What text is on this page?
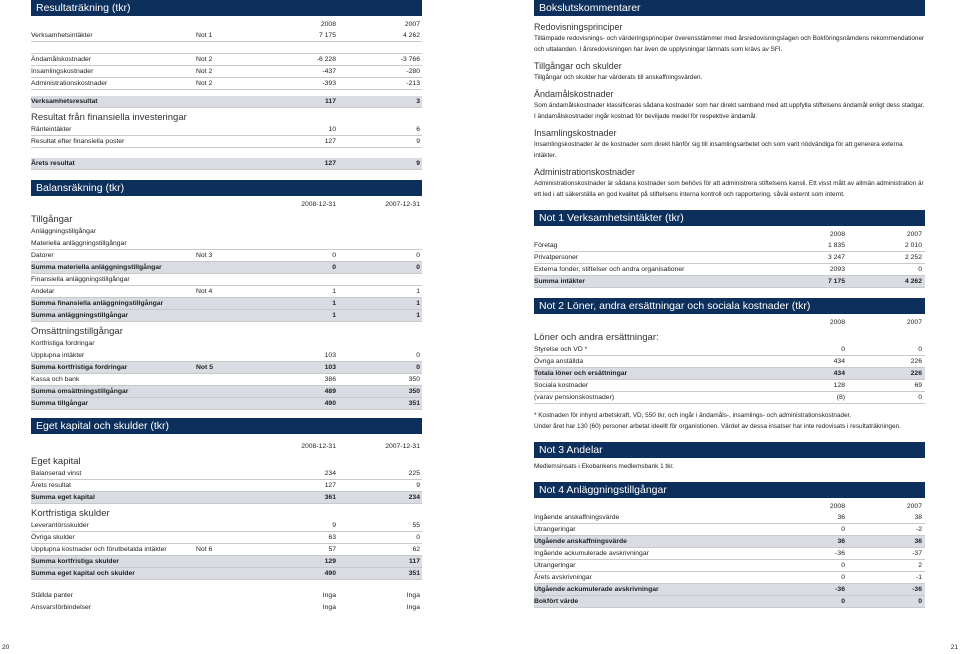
Resultaträkning (tkr)
2008	2007
Verksamhetsintäkter	Not 1	7 175	4 262
Ändamålskostnader	Not 2	-6 228	-3 766
Insamlingskostnader	Not 2	-437	-280
Administrationskostnader	Not 2	-393	-213
Verksamhetsresultat	117	3
Resultat från finansiella investeringar
Ränteintäkter	10	6
Resultat efter finansiella poster	127	9
Årets resultat	127	9
Balansräkning (tkr)
2008-12-31	2007-12-31
Tillgångar
Anläggningstillgångar
Materiella anläggningstillgångar
Datorer	Not 3	0	0
Summa materiella anläggningstillgångar	0	0
Finansiella anläggningstillgångar
Andelar	Not 4	1	1
Summa finansiella anläggningstillgångar	1	1
Summa anläggningstillgångar	1	1
Omsättningstillgångar
Kortfristiga fordringar
Upplupna intäkter	103	0
Summa kortfristiga fordringar	Not 5	103	0
Kassa och bank	386	350
Summa omsättningstillgångar	489	350
Summa tillgångar	490	351
Eget kapital och skulder (tkr)
2008-12-31	2007-12-31
Eget kapital
Balanserad vinst	234	225
Årets resultat	127	9
Summa eget kapital	361	234
Kortfristiga skulder
Leverantörsskulder	9	55
Övriga skulder	63	0
Upplupna kostnader och förutbetalda intäkter	Not 6	57	62
Summa kortfristiga skulder	129	117
Summa eget kapital och skulder	490	351
Ställda panter	Inga	Inga
Ansvarsförbindelser	Inga	Inga
20
Bokslutskommentarer
Redovisningsprinciper
Tillämpade redovisnings- och värderingsprinciper överensstämmer med årsredovisningslagen och Bokföringsnämdens rekommendationer och uttalanden. I årsredovisningen har även de upplysningar lämnats som krävs av SFI.
Tillgångar och skulder
Tillgångar och skulder har värderats till anskaffningsvärden.
Ändamålskostnader
Som ändamålskostnader klassificeras sådana kostnader som har direkt samband med att uppfylla stiftelsens ändamål enligt dess stadgar. I ändamålskostnader ingår kostnad för beviljade medel för respektive ändamål.
Insamlingskostnader
Insamlingskostnader är de kostnader som direkt hänför sig till insamlingsarbetet och som varit nödvändiga för att generera externa intäkter.
Administrationskostnader
Administrationskostnader är sådana kostnader som behövs för att administrera stiftelsens kansli. Ett visst mått av allmän administration är ett led i att säkerställa en god kvalitet på stiftelsens interna kontroll och rapportering, såväl externt som internt.
Not 1 Verksamhetsintäkter (tkr)
2008	2007
Företag	1 835	2 010
Privatpersoner	3 247	2 252
Externa fonder, stiftelser och andra organisationer	2093	0
Summa intäkter	7 175	4 262
Not 2 Löner, andra ersättningar och sociala kostnader (tkr)
2008	2007
Löner och andra ersättningar:
Styrelse och VD *	0	0
Övriga anställda	434	226
Totala löner och ersättningar	434	226
Sociala kostnader	128	69
(varav pensionskostnader)	(8)	0
* Kostnaden för inhyrd arbetskraft, VD, 550 tkr, och ingår i ändamåls-, insamlings- och administrationskostnader.
Under året har 130 (60) personer arbetat ideellt för organistionen. Värdet av dessa insatser har inte redovisats i resultaträkningen.
Not 3 Andelar
Medlemsinsats i Ekobankens medlemsbank 1 tkr.
Not 4 Anläggningstillgångar
2008	2007
Ingående anskaffningsvärde	36	38
Utrangeringar	0	-2
Utgående anskaffningsvärde	36	36
Ingående ackumulerade avskrivningar	-36	-37
Utrangeringar	0	2
Årets avskrivningar	0	-1
Utgående ackumulerade avskrivningar	-36	-36
Bokfört värde	0	0
21
